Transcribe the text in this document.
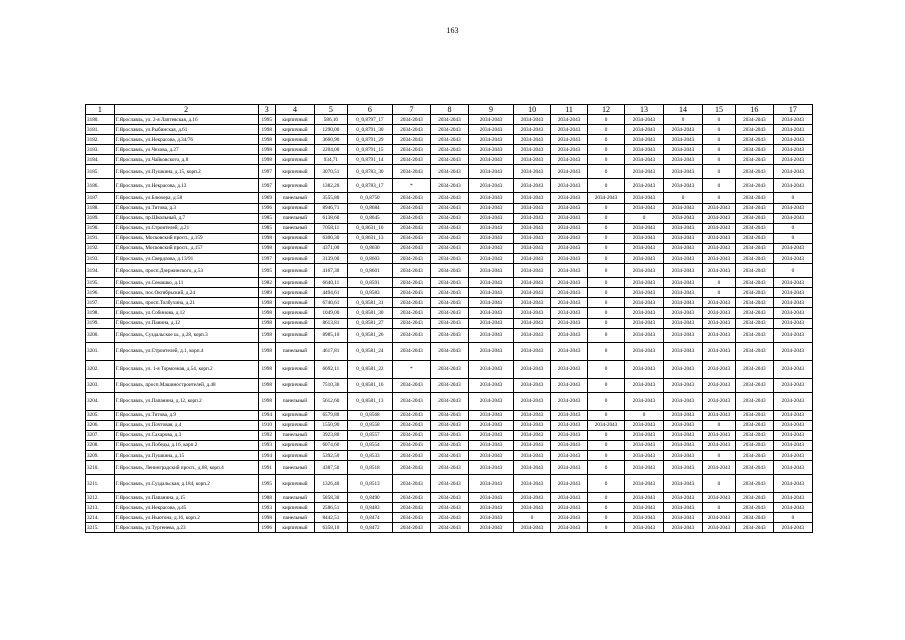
163
1	2	3	4	5	6	7	8	9	10	11	12	13	14	15	16	17
3180.	Г.Ярославль, ул. 2-я Лаптевская, д.16	1995	кирпичный	586,10	0_0,8797_17	2034-2043	2034-2043	2034-2043	2034-2043	2034-2043	0	2034-2043	0	0	2034-2043	2034-2043
3181.	Г.Ярославль, ул.Рыбинская, д.61	1998	кирпичный	1290,00	0_0,8791_30	2034-2043	2034-2043	2034-2043	2034-2043	2034-2043	0	2034-2043	2034-2043	0	2034-2043	2034-2043
3182.	Г.Ярославль, ул.Некрасова, д.34/76	1998	кирпичный	3660,90	0_0,8791_29	2034-2043	2034-2043	2034-2043	2034-2043	2034-2043	0	2034-2043	2034-2043	0	2034-2043	2034-2043
3183.	Г.Ярославль, ул.Чехова, д.27	1998	кирпичный	2204,00	0_0,8791_15	2034-2043	2034-2043	2034-2043	2034-2043	2034-2043	0	2034-2043	2034-2043	0	2034-2043	2034-2043
3184.	Г.Ярославль, ул.Чайковского, д.8	1998	кирпичный	934,71	0_0,8791_14	2034-2043	2034-2043	2034-2043	2034-2043	2034-2043	0	2034-2043	2034-2043	0	2034-2043	2034-2043
3185.	Г.Ярославль, ул.Пушкина, д.15, корп.2	1997	кирпичный	3070,51	0_0,8783_30	2034-2043	2034-2043	2034-2043	2034-2043	2034-2043	0	2034-2043	2034-2043	0	2034-2043	2034-2043
3186.	Г.Ярославль, ул.Некрасова, д.13	1997	кирпичный	1382,20	0_0,8783_17	*	2034-2043	2034-2043	2034-2043	2034-2043	0	2034-2043	2034-2043	0	2034-2043	2034-2043
3187.	Г.Ярославль, ул.Блюхера, д.58	1969	панельный	3555,80	0_0,8750	2034-2043	2034-2043	2034-2043	2034-2043	2034-2043	2034-2043	2034-2043	0	0	2034-2043	0
3188.	Г.Ярославль, ул.Титова, д.3	1996	кирпичный	8946,71	0_0,8684	2034-2043	2034-2043	2034-2043	2034-2043	2034-2043	0	2034-2043	2034-2043	2034-2043	2034-2043	2034-2043
3189.	Г.Ярославль, пр.Школьный, д.7	1985	панельный	6138,60	0_0,8645	2034-2043	2034-2043	2034-2043	2034-2043	2034-2043	0	0	2034-2043	2034-2043	2034-2043	2034-2043
3190.	Г.Ярославль, ул.Строителей, д.21	1985	панельный	7058,11	0_0,8631_16	2034-2043	2034-2043	2034-2043	2034-2043	2034-2043	0	2034-2043	2034-2043	2034-2043	2034-2043	0
3191.	Г.Ярославль, Московский просп., д.159	1998	кирпичный	6300,30	0_0,8631_13	2034-2043	2034-2043	2034-2043	2034-2043	2034-2043	0	2034-2043	2034-2043	2034-2043	2034-2043	0
3192.	Г.Ярославль, Московский просп., д.157	1998	кирпичный	4371,00	0_0,8630	2034-2043	2034-2043	2034-2043	2034-2043	2034-2043	0	2034-2043	2034-2043	2034-2043	2034-2043	2034-2043
3193.	Г.Ярославль, ул.Свердлова, д.13/91	1997	кирпичный	3139,00	0_0,8603	2034-2043	2034-2043	2034-2043	2034-2043	2034-2043	0	2034-2043	2034-2043	2034-2043	2034-2043	2034-2043
3194.	Г.Ярославль, просп.Дзержинского, д.53	1995	кирпичный	4167,30	0_0,8601	2034-2043	2034-2043	2034-2043	2034-2043	2034-2043	0	2034-2043	2034-2043	2034-2043	2034-2043	0
3195.	Г.Ярославль, ул.Семашко, д.11	1982	кирпичный	6640,11	0_0,8591	2034-2043	2034-2043	2034-2043	2034-2043	2034-2043	0	2034-2043	2034-2043	0	2034-2043	2034-2043
3196.	Г.Ярославль, пос.Октябрьский, д.24	1989	кирпичный	4494,61	0_0,8583	2034-2043	2034-2043	2034-2043	2034-2043	2034-2043	0	2034-2043	2034-2043	0	2034-2043	2034-2043
3197.	Г.Ярославль, просп.Толбухина, д.21	1998	кирпичный	6740,61	0_0,8581_31	2034-2043	2034-2043	2034-2043	2034-2043	2034-2043	0	2034-2043	2034-2043	2034-2043	2034-2043	2034-2043
3198.	Г.Ярославль, ул.Собинова, д.12	1998	кирпичный	1049,00	0_0,8581_30	2034-2043	2034-2043	2034-2043	2034-2043	2034-2043	0	2034-2043	2034-2043	2034-2043	2034-2043	2034-2043
3199.	Г.Ярославль, ул.Панина, д.12	1998	кирпичный	8613,81	0_0,8581_27	2034-2043	2034-2043	2034-2043	2034-2043	2034-2043	0	2034-2043	2034-2043	2034-2043	2034-2043	2034-2043
3200.	Г.Ярославль, Суздальское ш., д.28, корп.3	1998	кирпичный	8985,10	0_0,8581_26	2034-2043	2034-2043	2034-2043	2034-2043	2034-2043	0	2034-2043	2034-2043	2034-2043	2034-2043	2034-2043
3201.	Г.Ярославль, ул.Строителей, д.1, корп.4	1998	панельный	4617,81	0_0,8581_24	2034-2043	2034-2043	2034-2043	2034-2043	2034-2043	0	2034-2043	2034-2043	2034-2043	2034-2043	2034-2043
3202.	Г.Ярославль, ул. 1-я Тормозная, д.54, корп.2	1998	кирпичный	6692,11	0_0,8581_22	*	2034-2043	2034-2043	2034-2043	2034-2043	0	2034-2043	2034-2043	2034-2043	2034-2043	2034-2043
3203.	Г.Ярославль, просп.Машиностроителей, д.48	1998	кирпичный	7510,30	0_0,8581_16	2034-2043	2034-2043	2034-2043	2034-2043	2034-2043	0	2034-2043	2034-2043	2034-2043	2034-2043	2034-2043
3204.	Г.Ярославль, ул.Папанина, д.12, корп.2	1998	панельный	5612,60	0_0,8581_13	2034-2043	2034-2043	2034-2043	2034-2043	2034-2043	0	2034-2043	2034-2043	2034-2043	2034-2043	2034-2043
3205.	Г.Ярославль, ул.Титова, д.9	1994	кирпичный	6579,80	0_0,8568	2034-2043	2034-2043	2034-2043	2034-2043	2034-2043	0	0	2034-2043	2034-2043	2034-2043	2034-2043
3206.	Г.Ярославль, ул.Почтовая, д.4	1910	кирпичный	1550,90	0_0,8558	2034-2043	2034-2043	2034-2043	2034-2043	2034-2043	2034-2043	2034-2043	2034-2043	0	2034-2043	2034-2043
3207.	Г.Ярославль, ул.Сахарова, д.3	1992	панельный	3923,80	0_0,8557	2034-2043	2034-2043	2034-2043	2034-2043	2034-2043	0	2034-2043	2034-2043	2034-2043	2034-2043	2034-2043
3208.	Г.Ярославль, ул.Победы, д.16, корп.2	1993	кирпичный	6074,60	0_0,8554	2034-2043	2034-2043	2034-2043	2034-2043	2034-2043	0	2034-2043	2034-2043	2034-2043	2034-2043	2034-2043
3209.	Г.Ярославль, ул.Пушкина, д.15	1994	кирпичный	5392,50	0_0,8533	2034-2043	2034-2043	2034-2043	2034-2043	2034-2043	0	2034-2043	2034-2043	0	2034-2043	2034-2043
3210.	Г.Ярославль, Ленинградский просп., д.68, корп.4	1991	панельный	4387,50	0_0,8518	2034-2043	2034-2043	2034-2043	2034-2043	2034-2043	0	2034-2043	2034-2043	2034-2043	2034-2043	2034-2043
3211.	Г.Ярославль, ул.Суздальская, д.184, корп.2	1995	кирпичный	1326,40	0_0,8513	2034-2043	2034-2043	2034-2043	2034-2043	2034-2043	0	2034-2043	2034-2043	0	2034-2043	2034-2043
3212.	Г.Ярославль, ул.Папанина, д.15	1988	панельный	5858,30	0_0,8490	2034-2043	2034-2043	2034-2043	2034-2043	2034-2043	0	2034-2043	2034-2043	2034-2043	2034-2043	2034-2043
3213.	Г.Ярославль, ул.Некрасова, д.45	1993	кирпичный	2586,51	0_0,8483	2034-2043	2034-2043	2034-2043	2034-2043	2034-2043	0	2034-2043	2034-2043	0	2034-2043	2034-2043
3214.	Г.Ярославль, ул.Ньютона, д.16, корп.2	1998	панельный	8442,51	0_0,8474	2034-2043	2034-2043	2034-2043	0	2034-2043	0	2034-2043	2034-2043	2034-2043	2034-2043	0
3215.	Г.Ярославль, ул.Тургенева, д.23	1996	кирпичный	6358,10	0_0,8472	2034-2043	2034-2043	2034-2043	2034-2043	2034-2043	0	2034-2043	2034-2043	2034-2043	2034-2043	2034-2043
